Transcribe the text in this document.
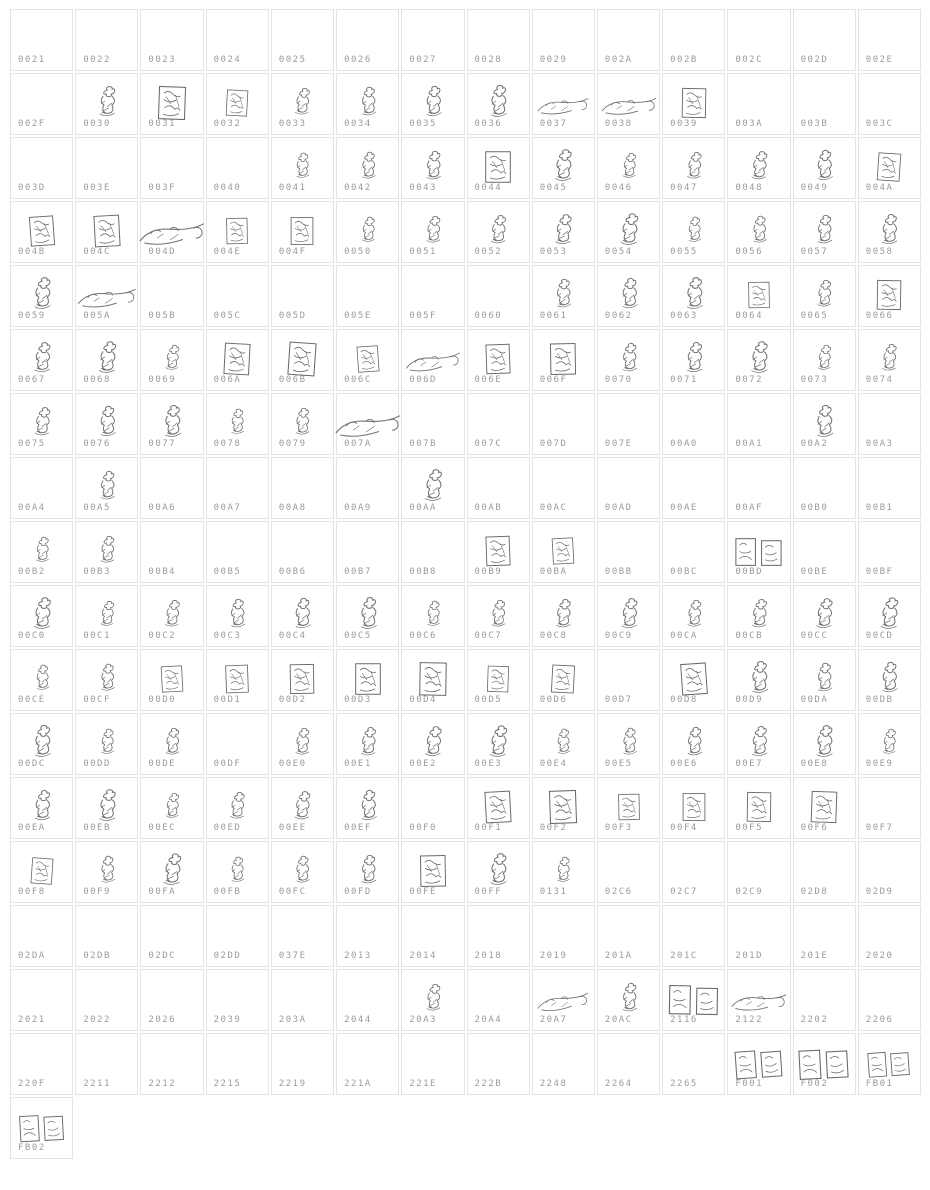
0021	0022	0023	0024	0025	0026	0027	0028	0029	002A	002B	002C	002D	002E
002F	0030	0031	0032	0033	0034	0035	0036	0037	0038	0039	003A	003B	003C
003D	003E	003F	0040	0041	0042	0043	0044	0045	0046	0047	0048	0049	004A
004B	004C	004D	004E	004F	0050	0051	0052	0053	0054	0055	0056	0057	0058
0059	005A	005B	005C	005D	005E	005F	0060	0061	0062	0063	0064	0065	0066
0067	0068	0069	006A	006B	006C	006D	006E	006F	0070	0071	0072	0073	0074
0075	0076	0077	0078	0079	007A	007B	007C	007D	007E	00A0	00A1	00A2	00A3
00A4	00A5	00A6	00A7	00A8	00A9	00AA	00AB	00AC	00AD	00AE	00AF	00B0	00B1
00B2	00B3	00B4	00B5	00B6	00B7	00B8	00B9	00BA	00BB	00BC	00BD	00BE	00BF
00C0	00C1	00C2	00C3	00C4	00C5	00C6	00C7	00C8	00C9	00CA	00CB	00CC	00CD
00CE	00CF	00D0	00D1	00D2	00D3	00D4	00D5	00D6	00D7	00D8	00D9	00DA	00DB
00DC	00DD	00DE	00DF	00E0	00E1	00E2	00E3	00E4	00E5	00E6	00E7	00E8	00E9
00EA	00EB	00EC	00ED	00EE	00EF	00F0	00F1	00F2	00F3	00F4	00F5	00F6	00F7
00F8	00F9	00FA	00FB	00FC	00FD	00FE	00FF	0131	02C6	02C7	02C9	02D8	02D9
02DA	02DB	02DC	02DD	037E	2013	2014	2018	2019	201A	201C	201D	201E	2020
2021	2022	2026	2039	203A	2044	20A3	20A4	20A7	20AC	2116	2122	2202	2206
220F	2211	2212	2215	2219	221A	221E	222B	2248	2264	2265	F001	F002	FB01
FB02
